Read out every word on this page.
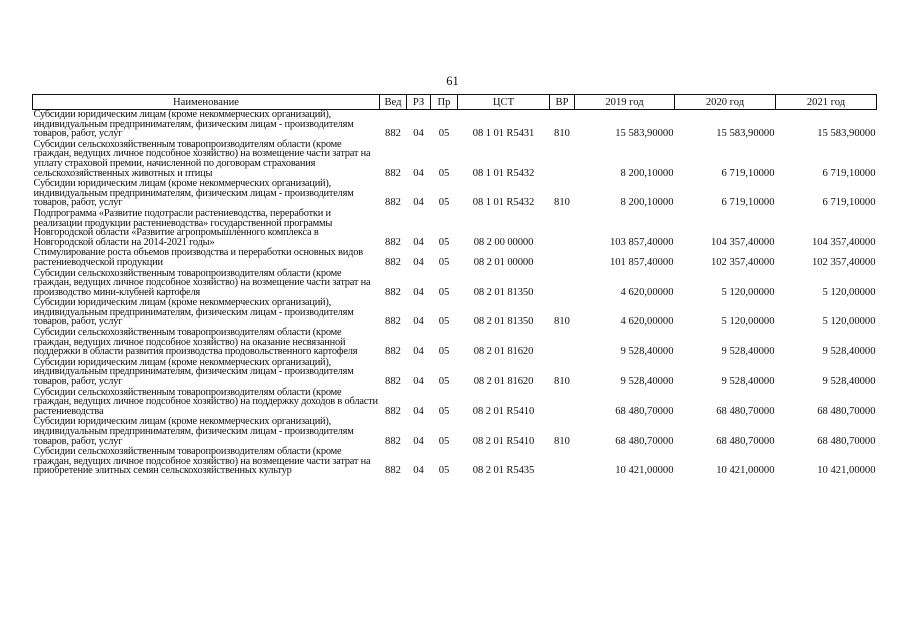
61
Наименование	Вед	РЗ	Пр	ЦСТ	ВР	2019 год	2020 год	2021 год
Субсидии юридическим лицам (кроме некоммерческих организаций), индивидуальным предпринимателям, физическим лицам - производителям товаров, работ, услуг	882	04	05	08 1 01 R5431	810	15 583,90000	15 583,90000	15 583,90000
Субсидии сельскохозяйственным товаропроизводителям области (кроме граждан, ведущих личное подсобное хозяйство) на возмещение части затрат на уплату страховой премии, начисленной по договорам страхования сельскохозяйственных животных и птицы	882	04	05	08 1 01 R5432		8 200,10000	6 719,10000	6 719,10000
Субсидии юридическим лицам (кроме некоммерческих организаций), индивидуальным предпринимателям, физическим лицам - производителям товаров, работ, услуг	882	04	05	08 1 01 R5432	810	8 200,10000	6 719,10000	6 719,10000
Подпрограмма «Развитие подотрасли растениеводства, переработки и реализации продукции растениеводства» государственной программы Новгородской области «Развитие агропромышленного комплекса в Новгородской области на 2014-2021 годы»	882	04	05	08 2 00 00000		103 857,40000	104 357,40000	104 357,40000
Стимулирование роста объемов производства и переработки основных видов растениеводческой продукции	882	04	05	08 2 01 00000		101 857,40000	102 357,40000	102 357,40000
Субсидии сельскохозяйственным товаропроизводителям области (кроме граждан, ведущих личное подсобное хозяйство) на возмещение части затрат на производство мини-клубней картофеля	882	04	05	08 2 01 81350		4 620,00000	5 120,00000	5 120,00000
Субсидии юридическим лицам (кроме некоммерческих организаций), индивидуальным предпринимателям, физическим лицам - производителям товаров, работ, услуг	882	04	05	08 2 01 81350	810	4 620,00000	5 120,00000	5 120,00000
Субсидии сельскохозяйственным товаропроизводителям области (кроме граждан, ведущих личное подсобное хозяйство) на оказание несвязанной поддержки в области развития производства продовольственного картофеля	882	04	05	08 2 01 81620		9 528,40000	9 528,40000	9 528,40000
Субсидии юридическим лицам (кроме некоммерческих организаций), индивидуальным предпринимателям, физическим лицам - производителям товаров, работ, услуг	882	04	05	08 2 01 81620	810	9 528,40000	9 528,40000	9 528,40000
Субсидии сельскохозяйственным товаропроизводителям области (кроме граждан, ведущих личное подсобное хозяйство) на поддержку доходов в области растениеводства	882	04	05	08 2 01 R5410		68 480,70000	68 480,70000	68 480,70000
Субсидии юридическим лицам (кроме некоммерческих организаций), индивидуальным предпринимателям, физическим лицам - производителям товаров, работ, услуг	882	04	05	08 2 01 R5410	810	68 480,70000	68 480,70000	68 480,70000
Субсидии сельскохозяйственным товаропроизводителям области (кроме граждан, ведущих личное подсобное хозяйство) на возмещение части затрат на приобретение элитных семян сельскохозяйственных культур	882	04	05	08 2 01 R5435		10 421,00000	10 421,00000	10 421,00000
